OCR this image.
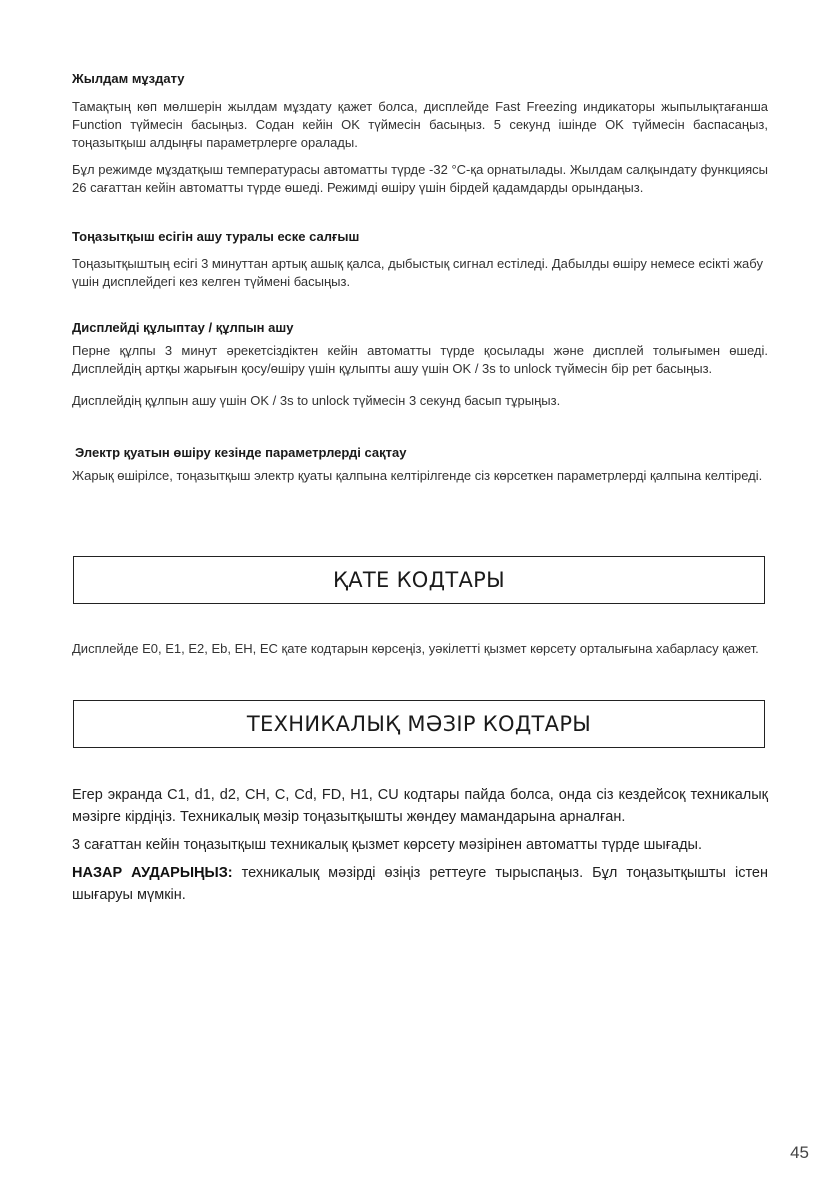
Жылдам мұздату

Тамақтың көп мөлшерін жылдам мұздату қажет болса, дисплейде Fast Freezing индикаторы жыпылықтағанша Function түймесін басыңыз. Содан кейін OK түймесін басыңыз. 5 секунд ішінде OK түймесін баспасаңыз, тоңазытқыш алдыңғы параметрлерге оралады.

Бұл режимде мұздатқыш температурасы автоматты түрде -32 °C-қа орнатылады. Жылдам салқындату функциясы 26 сағаттан кейін автоматты түрде өшеді. Режимді өшіру үшін бірдей қадамдарды орындаңыз.

Тоңазытқыш есігін ашу туралы еске салғыш

Тоңазытқыштың есігі 3 минуттан артық ашық қалса, дыбыстық сигнал естіледі. Дабылды өшіру немесе есікті жабу үшін дисплейдегі кез келген түймені басыңыз.

Дисплейді құлыптау / құлпын ашу

Перне құлпы 3 минут әрекетсіздіктен кейін автоматты түрде қосылады және дисплей толығымен өшеді. Дисплейдің артқы жарығын қосу/өшіру үшін құлыпты ашу үшін OK / 3s to unlock түймесін бір рет басыңыз.

Дисплейдің құлпын ашу үшін OK / 3s to unlock түймесін 3 секунд басып тұрыңыз.

Электр қуатын өшіру кезінде параметрлерді сақтау

Жарық өшірілсе, тоңазытқыш электр қуаты қалпына келтірілгенде сіз көрсеткен параметрлерді қалпына келтіреді.

ҚАТЕ КОДТАРЫ

Дисплейде E0, E1, E2, Eb, EH, EC қате кодтарын көрсеңіз, уәкілетті қызмет көрсету орталығына хабарласу қажет.

ТЕХНИКАЛЫҚ МӘЗІР КОДТАРЫ

Егер экранда C1, d1, d2, CH, C, Cd, FD, H1, CU кодтары пайда болса, онда сіз кездейсоқ техникалық мәзірге кірдіңіз. Техникалық мәзір тоңазытқышты жөндеу мамандарына арналған.

3 сағаттан кейін тоңазытқыш техникалық қызмет көрсету мәзірінен автоматты түрде шығады.

НАЗАР АУДАРЫҢЫЗ: техникалық мәзірді өзіңіз реттеуге тырыспаңыз. Бұл тоңазытқышты істен шығаруы мүмкін.

45
